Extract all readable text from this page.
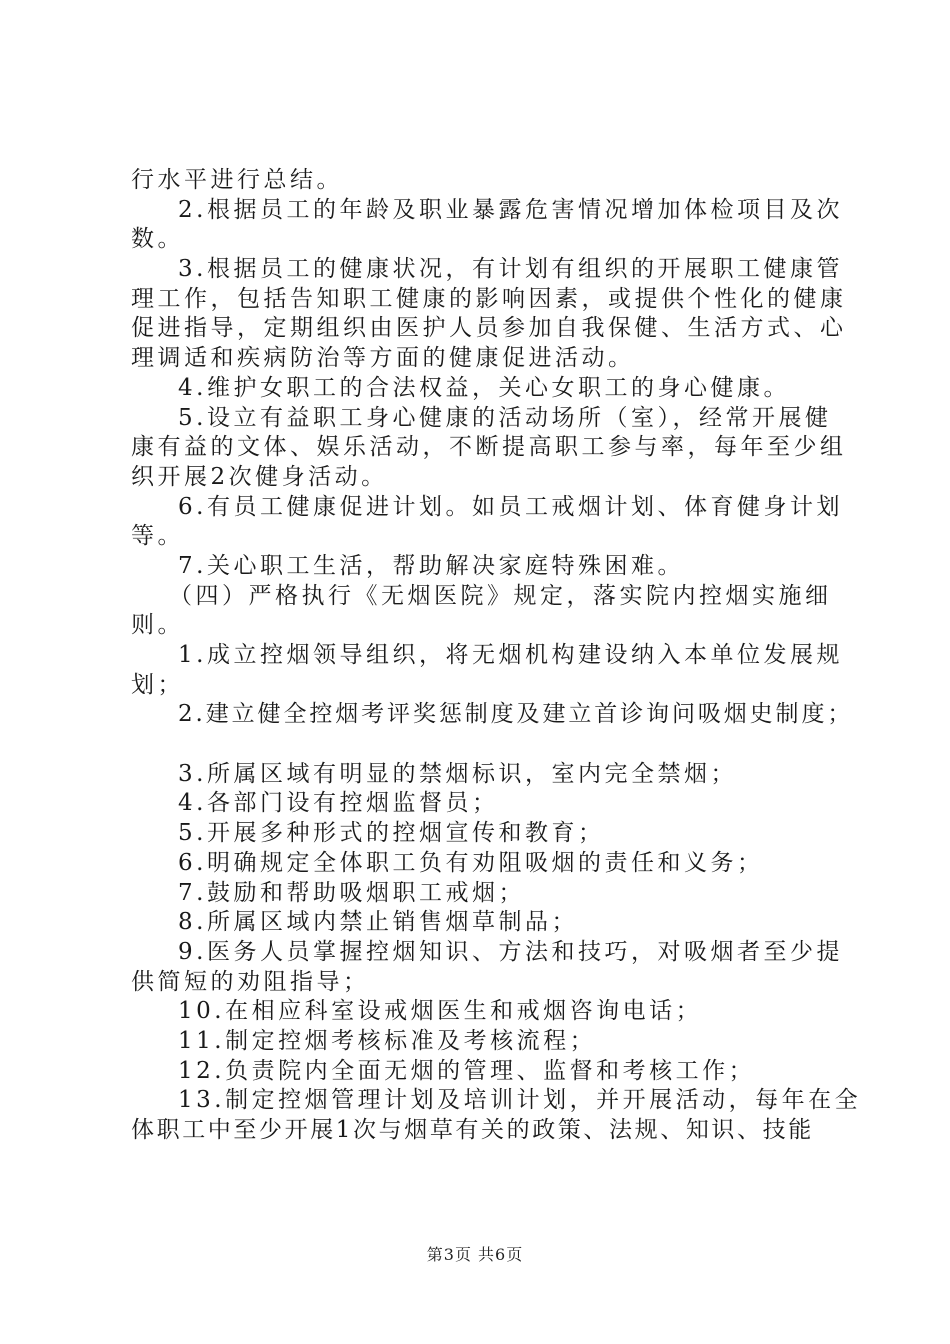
行水平进行总结。
2.根据员工的年龄及职业暴露危害情况增加体检项目及次
数。
3.根据员工的健康状况，有计划有组织的开展职工健康管
理工作，包括告知职工健康的影响因素，或提供个性化的健康
促进指导，定期组织由医护人员参加自我保健、生活方式、心
理调适和疾病防治等方面的健康促进活动。
4.维护女职工的合法权益，关心女职工的身心健康。
5.设立有益职工身心健康的活动场所（室），经常开展健
康有益的文体、娱乐活动，不断提高职工参与率，每年至少组
织开展2次健身活动。
6.有员工健康促进计划。如员工戒烟计划、体育健身计划
等。
7.关心职工生活，帮助解决家庭特殊困难。
（四）严格执行《无烟医院》规定，落实院内控烟实施细
则。
1.成立控烟领导组织，将无烟机构建设纳入本单位发展规
划；
2.建立健全控烟考评奖惩制度及建立首诊询问吸烟史制度；
3.所属区域有明显的禁烟标识，室内完全禁烟；
4.各部门设有控烟监督员；
5.开展多种形式的控烟宣传和教育；
6.明确规定全体职工负有劝阻吸烟的责任和义务；
7.鼓励和帮助吸烟职工戒烟；
8.所属区域内禁止销售烟草制品；
9.医务人员掌握控烟知识、方法和技巧，对吸烟者至少提
供简短的劝阻指导；
10.在相应科室设戒烟医生和戒烟咨询电话；
11.制定控烟考核标准及考核流程；
12.负责院内全面无烟的管理、监督和考核工作；
13.制定控烟管理计划及培训计划，并开展活动，每年在全
体职工中至少开展1次与烟草有关的政策、法规、知识、技能
第3页 共6页
